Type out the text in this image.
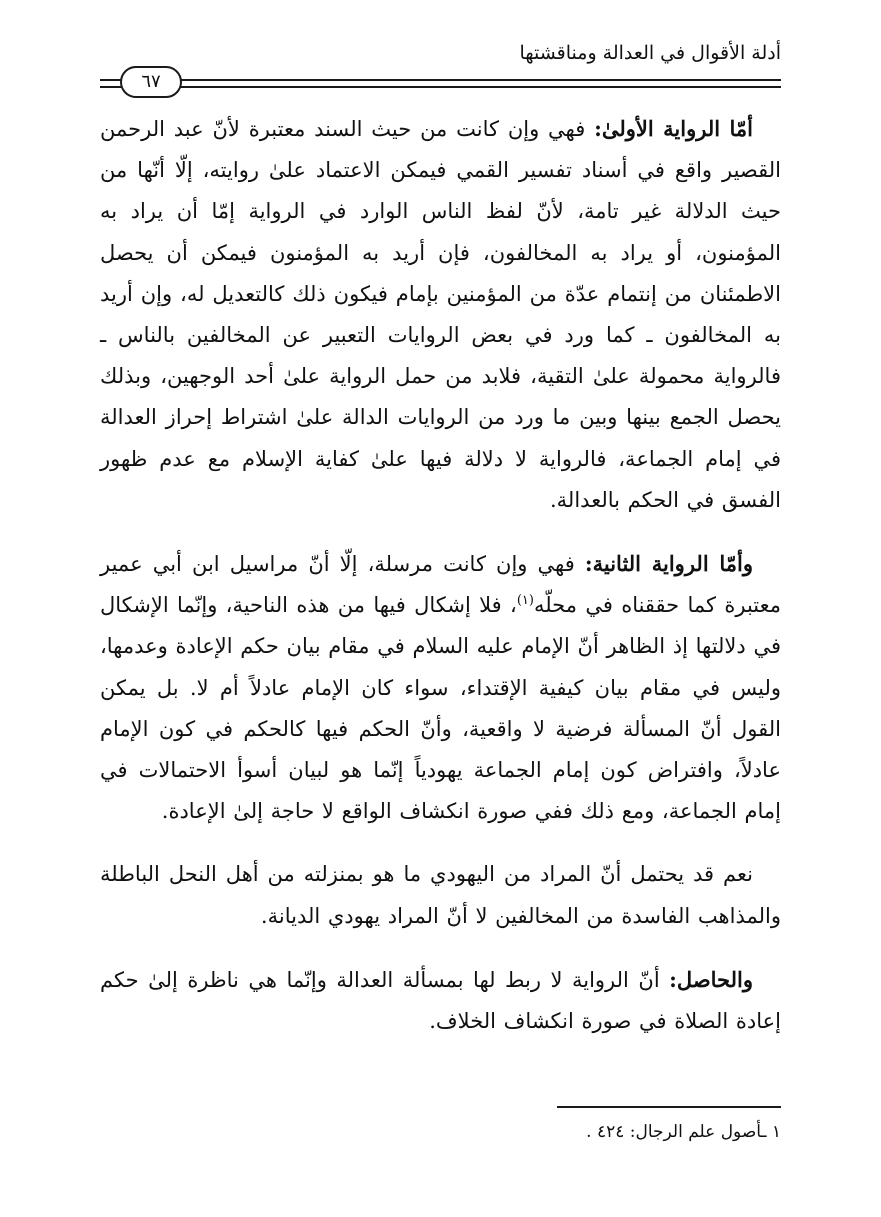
أدلة الأقوال في العدالة ومناقشتها
٦٧

أمّا الرواية الأولىٰ: فهي وإن كانت من حيث السند معتبرة لأنّ عبد الرحمن القصير واقع في أسناد تفسير القمي فيمكن الاعتماد علىٰ روايته، إلّا أنّها من حيث الدلالة غير تامة، لأنّ لفظ الناس الوارد في الرواية إمّا أن يراد به المؤمنون، أو يراد به المخالفون، فإن أريد به المؤمنون فيمكن أن يحصل الاطمئنان من إنتمام عدّة من المؤمنين بإمام فيكون ذلك كالتعديل له، وإن أريد به المخالفون ـ كما ورد في بعض الروايات التعبير عن المخالفين بالناس ـ فالرواية محمولة علىٰ التقية، فلابد من حمل الرواية علىٰ أحد الوجهين، وبذلك يحصل الجمع بينها وبين ما ورد من الروايات الدالة علىٰ اشتراط إحراز العدالة في إمام الجماعة، فالرواية لا دلالة فيها علىٰ كفاية الإسلام مع عدم ظهور الفسق في الحكم بالعدالة.

وأمّا الرواية الثانية: فهي وإن كانت مرسلة، إلّا أنّ مراسيل ابن أبي عمير معتبرة كما حققناه في محلّه$^{(١)}$، فلا إشكال فيها من هذه الناحية، وإنّما الإشكال في دلالتها إذ الظاهر أنّ الإمام عليه السلام في مقام بيان حكم الإعادة وعدمها، وليس في مقام بيان كيفية الإقتداء، سواء كان الإمام عادلاً أم لا. بل يمكن القول أنّ المسألة فرضية لا واقعية، وأنّ الحكم فيها كالحكم في كون الإمام عادلاً، وافتراض كون إمام الجماعة يهودياً إنّما هو لبيان أسوأ الاحتمالات في إمام الجماعة، ومع ذلك ففي صورة انكشاف الواقع لا حاجة إلىٰ الإعادة.

نعم قد يحتمل أنّ المراد من اليهودي ما هو بمنزلته من أهل النحل الباطلة والمذاهب الفاسدة من المخالفين لا أنّ المراد يهودي الديانة.

والحاصل: أنّ الرواية لا ربط لها بمسألة العدالة وإنّما هي ناظرة إلىٰ حكم إعادة الصلاة في صورة انكشاف الخلاف.

١ ـأصول علم الرجال: ٤٢٤ .
